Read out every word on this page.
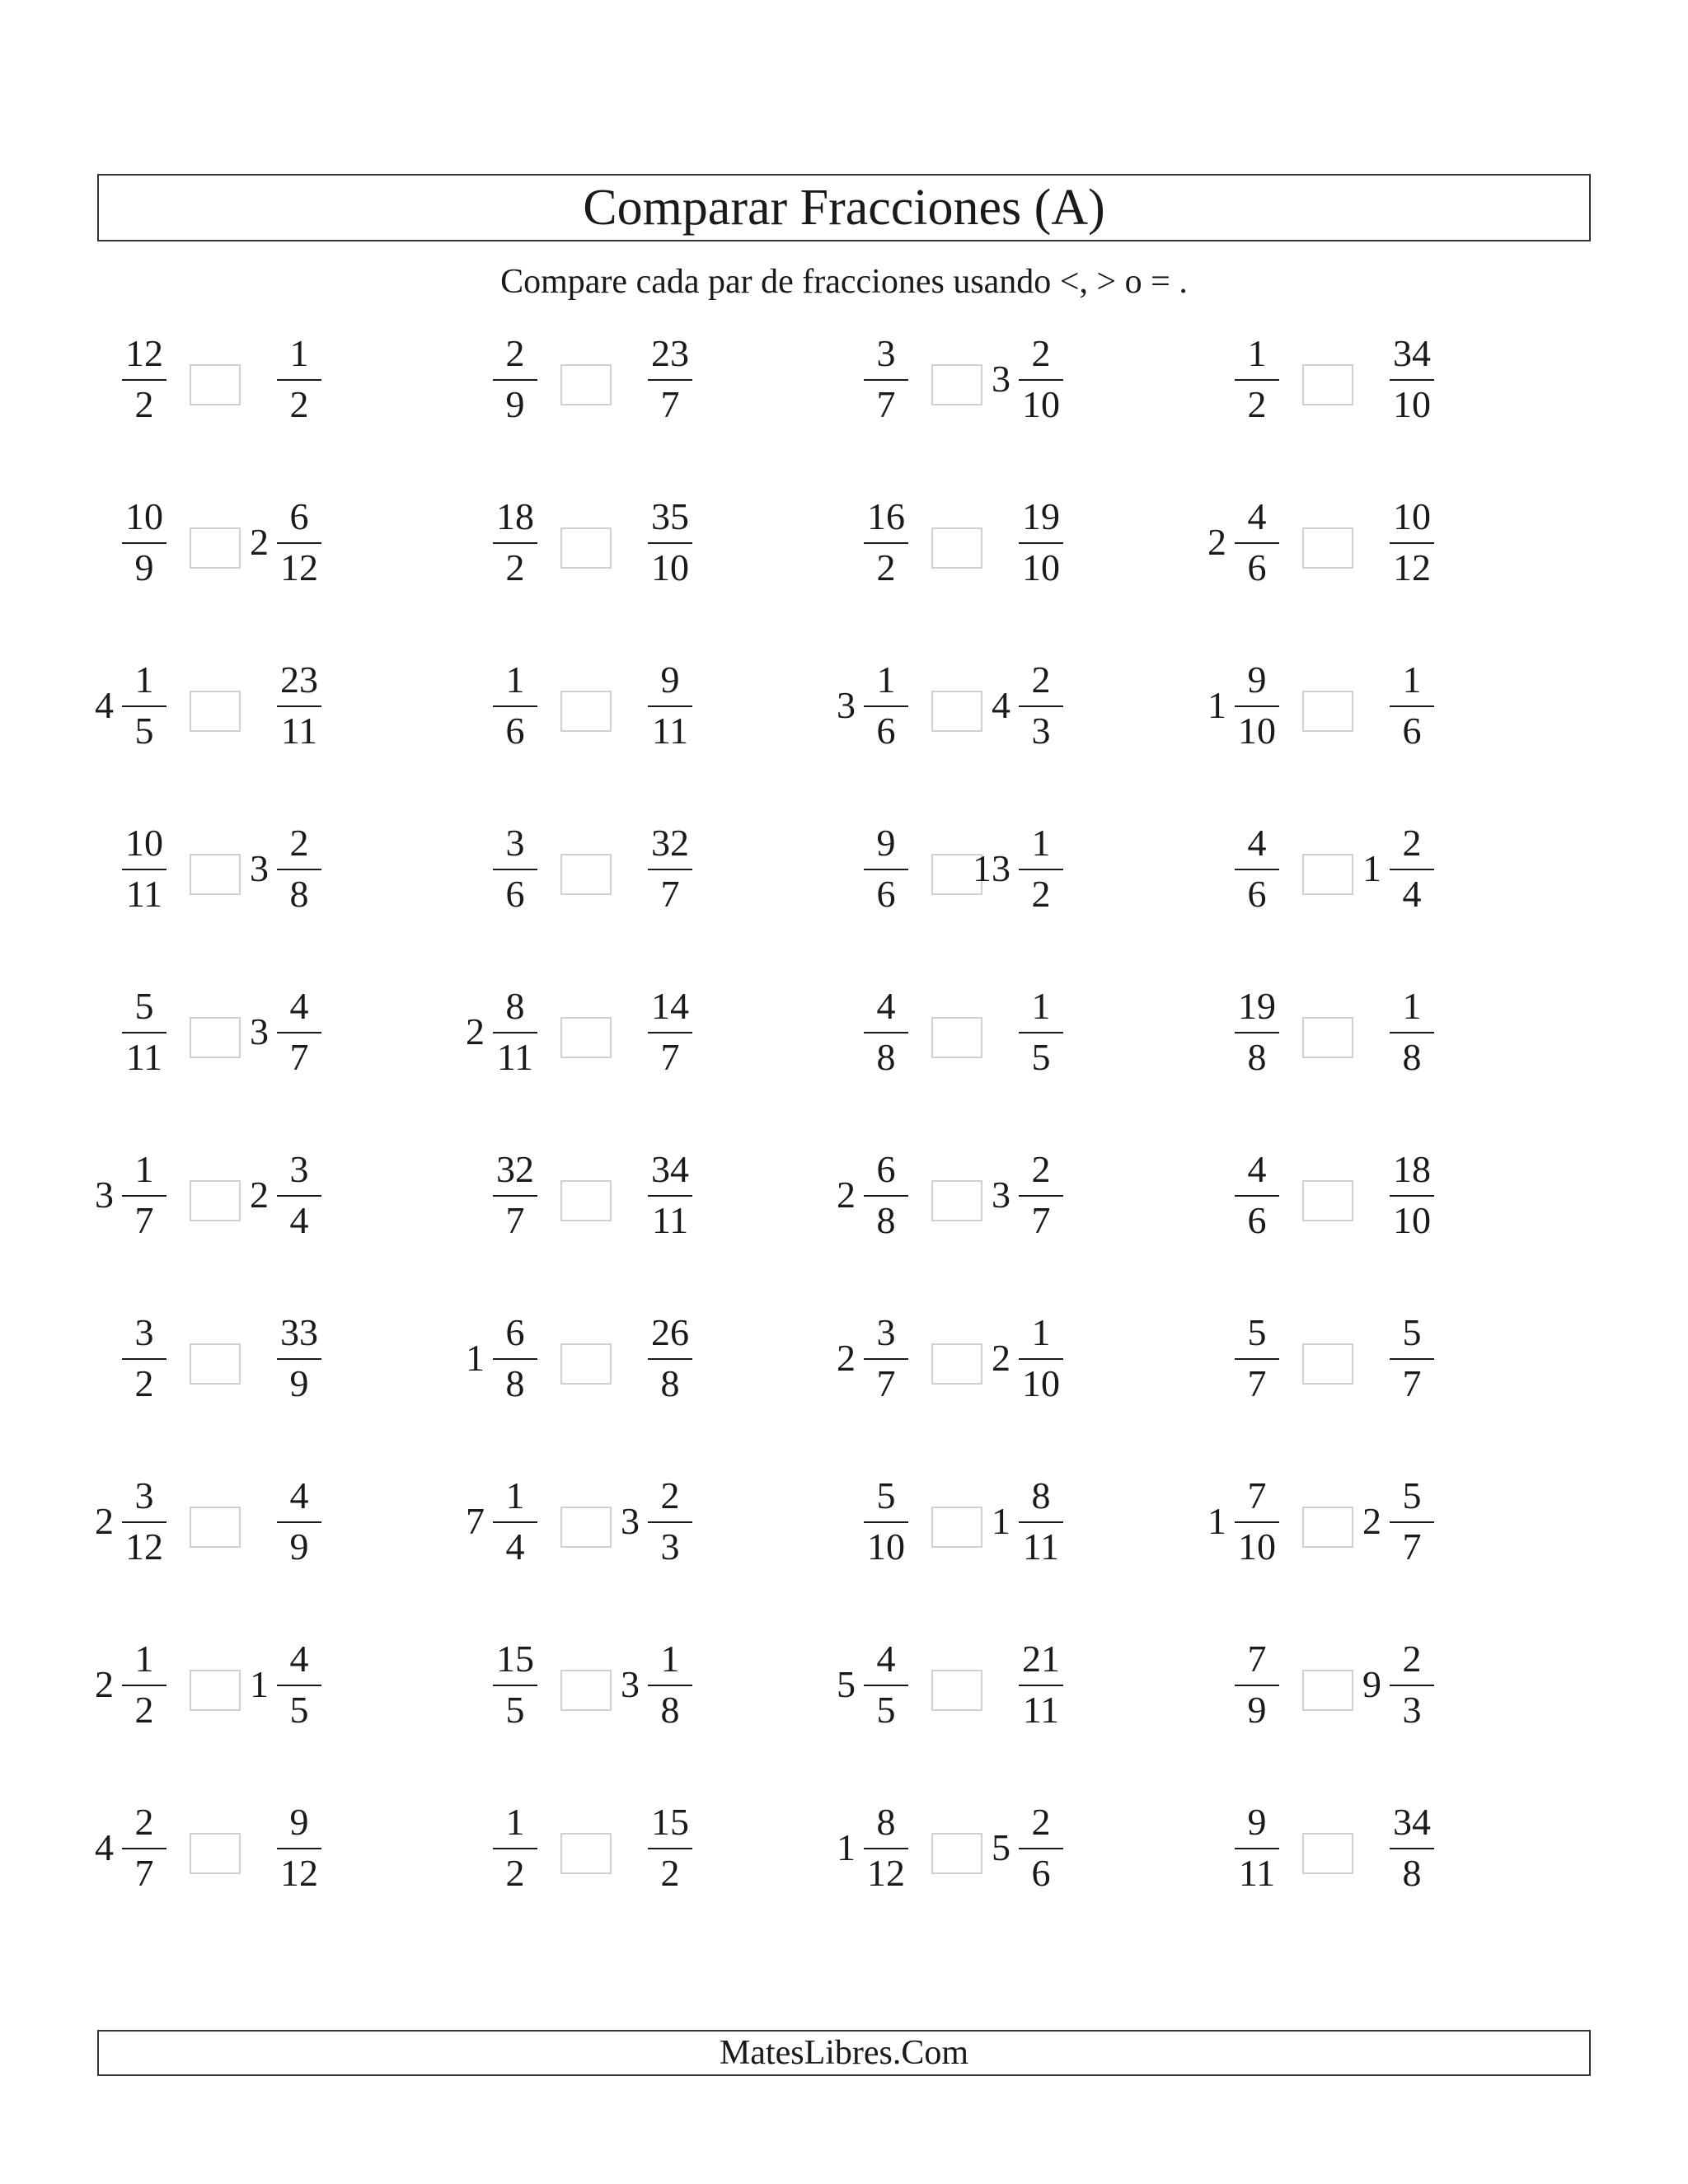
Comparar Fracciones (A)
Compare cada par de fracciones usando <, > o = .
12
2
1
2
2
9
23
7
3
7
3
2
10
1
2
34
10
10
9
2
6
12
18
2
35
10
16
2
19
10
2
4
6
10
12
4
1
5
23
11
1
6
9
11
3
1
6
4
2
3
1
9
10
1
6
10
11
3
2
8
3
6
32
7
9
6
13
1
2
4
6
1
2
4
5
11
3
4
7
2
8
11
14
7
4
8
1
5
19
8
1
8
3
1
7
2
3
4
32
7
34
11
2
6
8
3
2
7
4
6
18
10
3
2
33
9
1
6
8
26
8
2
3
7
2
1
10
5
7
5
7
2
3
12
4
9
7
1
4
3
2
3
5
10
1
8
11
1
7
10
2
5
7
2
1
2
1
4
5
15
5
3
1
8
5
4
5
21
11
7
9
9
2
3
4
2
7
9
12
1
2
15
2
1
8
12
5
2
6
9
11
34
8
MatesLibres.Com
